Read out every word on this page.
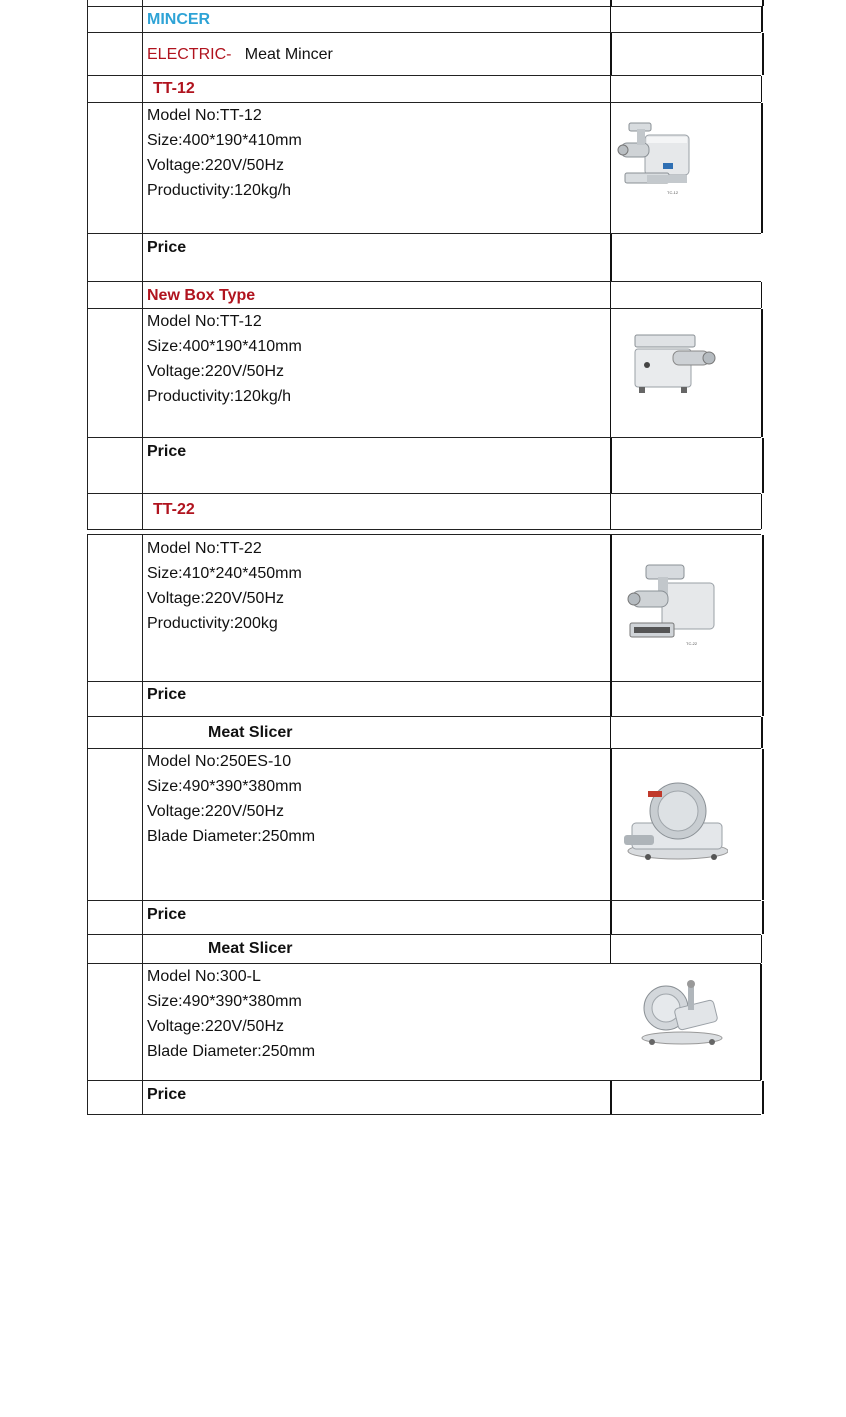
MINCER
ELECTRIC- Meat Mincer
TT-12
Model No:TT-12
Size:400*190*410mm
Voltage:220V/50Hz
Productivity:120kg/h	TC-12
Price
New Box Type
Model No:TT-12
Size:400*190*410mm
Voltage:220V/50Hz
Productivity:120kg/h
Price
TT-22
Model No:TT-22
Size:410*240*450mm
Voltage:220V/50Hz
Productivity:200kg
TC-22
Price
Meat Slicer
Model No:250ES-10
Size:490*390*380mm
Voltage:220V/50Hz
Blade Diameter:250mm
Price
Meat Slicer
Model No:300-L
Size:490*390*380mm
Voltage:220V/50Hz
Blade Diameter:250mm
Price
